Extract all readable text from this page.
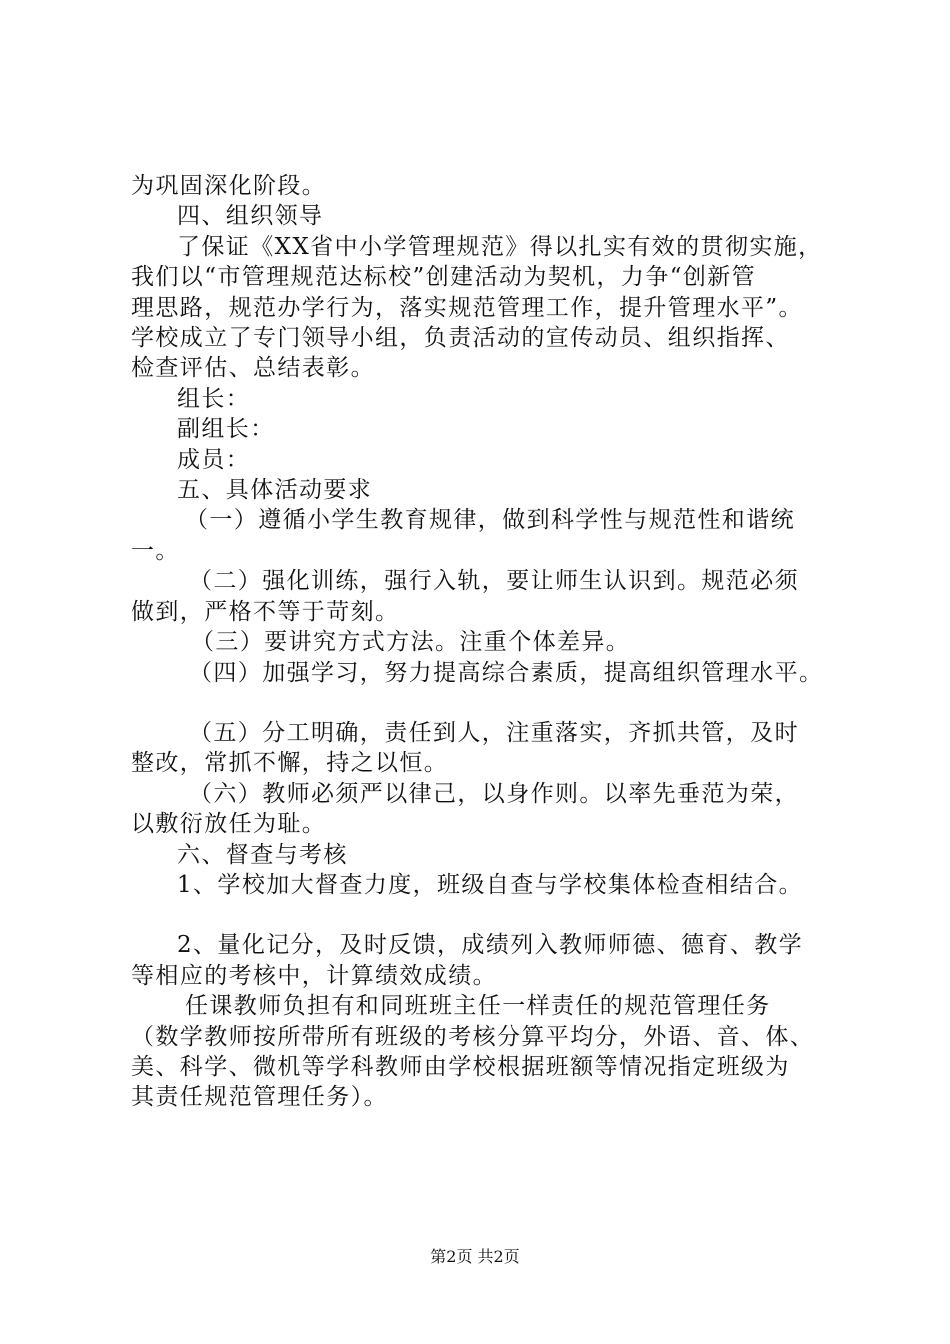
为巩固深化阶段。

四、组织领导

了保证《XX省中小学管理规范》得以扎实有效的贯彻实施，

我们以“市管理规范达标校”创建活动为契机，力争“创新管

理思路，规范办学行为，落实规范管理工作，提升管理水平”。

学校成立了专门领导小组，负责活动的宣传动员、组织指挥、

检查评估、总结表彰。

组长：

副组长：

成员：

五、具体活动要求

（一）遵循小学生教育规律，做到科学性与规范性和谐统

一。

（二）强化训练，强行入轨，要让师生认识到。规范必须

做到，严格不等于苛刻。

（三）要讲究方式方法。注重个体差异。

（四）加强学习，努力提高综合素质，提高组织管理水平。

（五）分工明确，责任到人，注重落实，齐抓共管，及时

整改，常抓不懈，持之以恒。

（六）教师必须严以律己，以身作则。以率先垂范为荣，

以敷衍放任为耻。

六、督查与考核

1、学校加大督查力度，班级自查与学校集体检查相结合。

2、量化记分，及时反馈，成绩列入教师师德、德育、教学

等相应的考核中，计算绩效成绩。

任课教师负担有和同班班主任一样责任的规范管理任务

（数学教师按所带所有班级的考核分算平均分，外语、音、体、

美、科学、微机等学科教师由学校根据班额等情况指定班级为

其责任规范管理任务）。

第2页 共2页
